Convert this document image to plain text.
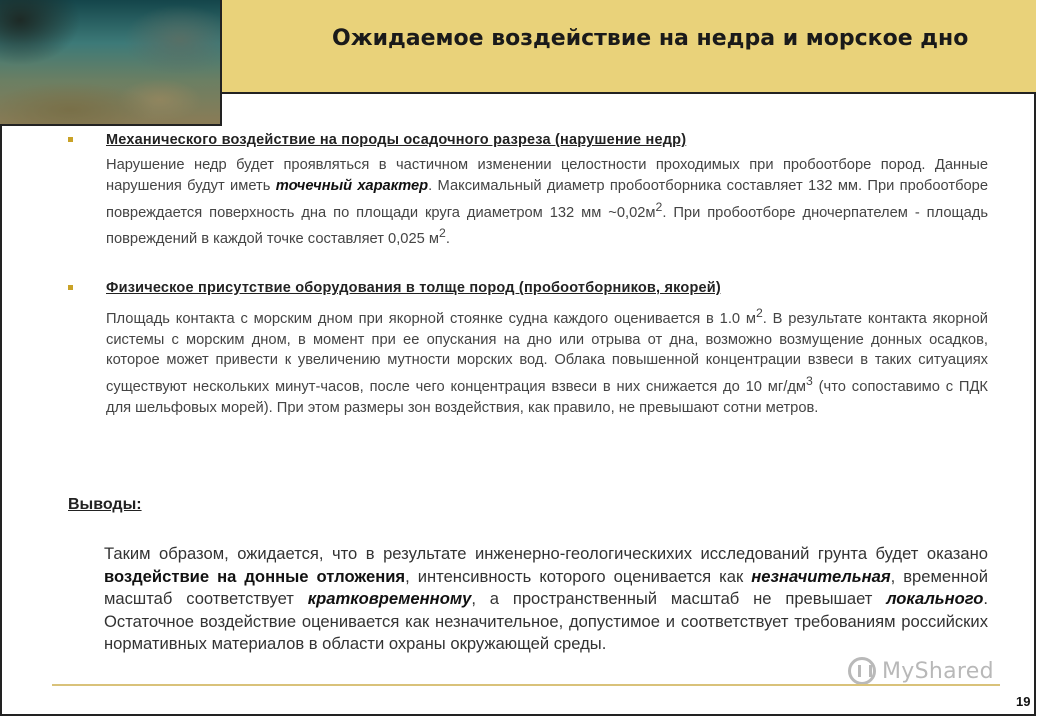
Ожидаемое воздействие на недра и морское дно
Механического воздействие на породы осадочного разреза (нарушение недр)

Нарушение недр будет проявляться в частичном изменении целостности проходимых при пробоотборе пород. Данные нарушения будут иметь точечный характер. Максимальный диаметр пробоотборника составляет 132 мм. При пробоотборе повреждается поверхность дна по площади круга диаметром 132 мм $\sim 0,02м^2$. При пробоотборе дночерпателем - площадь повреждений в каждой точке составляет 0,025 $м^2$.

Физическое присутствие оборудования в толще пород (пробоотборников, якорей)

Площадь контакта с морским дном при якорной стоянке судна каждого оценивается в 1.0 $м^2$. В результате контакта якорной системы с морским дном, в момент при ее опускания на дно или отрыва от дна, возможно возмущение донных осадков, которое может привести к увеличению мутности морских вод. Облака повышенной концентрации взвеси в таких ситуациях существуют нескольких минут-часов, после чего концентрация взвеси в них снижается до 10 $мг/дм^3$ (что сопоставимо с ПДК для шельфовых морей). При этом размеры зон воздействия, как правило, не превышают сотни метров.

Выводы:

Таким образом, ожидается, что в результате инженерно-геологическихих исследований грунта будет оказано воздействие на донные отложения, интенсивность которого оценивается как незначительная, временной масштаб соответствует кратковременному, а пространственный масштаб не превышает локального. Остаточное воздействие оценивается как незначительное, допустимое и соответствует требованиям российских нормативных материалов в области охраны окружающей среды.

MyShared
19
